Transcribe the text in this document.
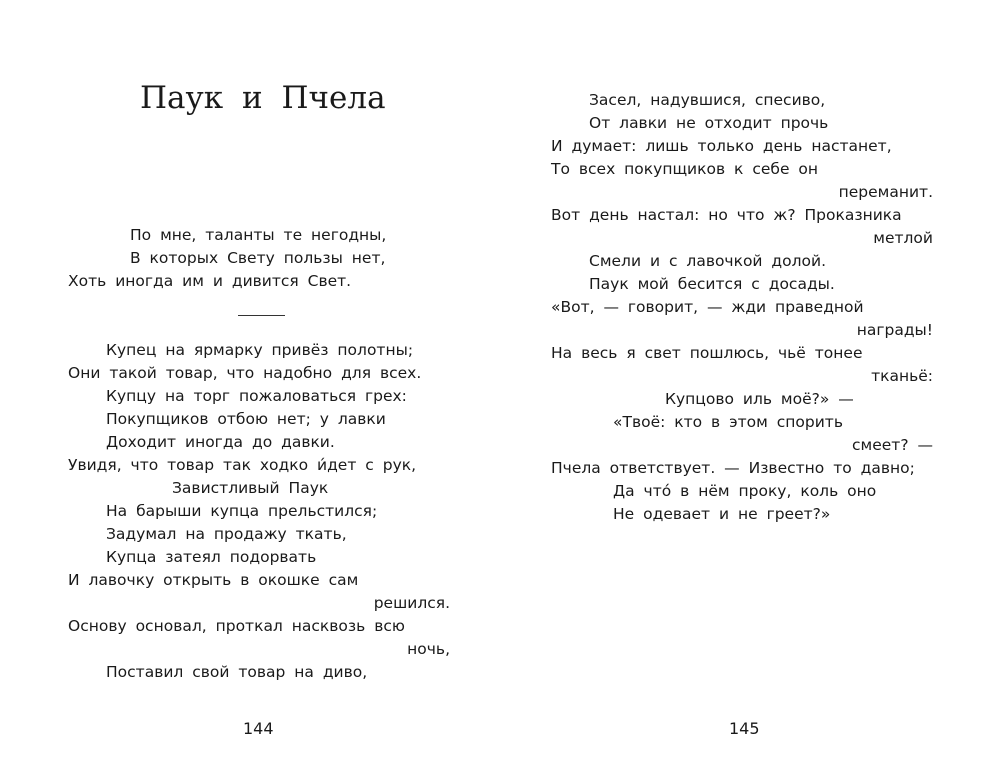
Паук и Пчела
По мне, таланты те негодны,
В которых Свету пользы нет,
Хоть иногда им и дивится Свет.
Купец на ярмарку привёз полотны;
Они такой товар, что надобно для всех.
Купцу на торг пожаловаться грех:
Покупщиков отбою нет; у лавки
Доходит иногда до давки.
Увидя, что товар так ходко и́дет с рук,
Завистливый Паук
На барыши купца прельстился;
Задумал на продажу ткать,
Купца затеял подорвать
И лавочку открыть в окошке сам
решился.
Основу основал, проткал насквозь всю
ночь,
Поставил свой товар на диво,
144
Засел, надувшися, спесиво,
От лавки не отходит прочь
И думает: лишь только день настанет,
То всех покупщиков к себе он
переманит.
Вот день настал: но что ж? Проказника
метлой
Смели и с лавочкой долой.
Паук мой бесится с досады.
«Вот, — говорит, — жди праведной
награды!
На весь я свет пошлюсь, чьё тонее
тканьё:
Купцово иль моё?» —
«Твоё: кто в этом спорить
смеет? —
Пчела ответствует. — Известно то давно;
Да что́ в нём проку, коль оно
Не одевает и не греет?»
145
